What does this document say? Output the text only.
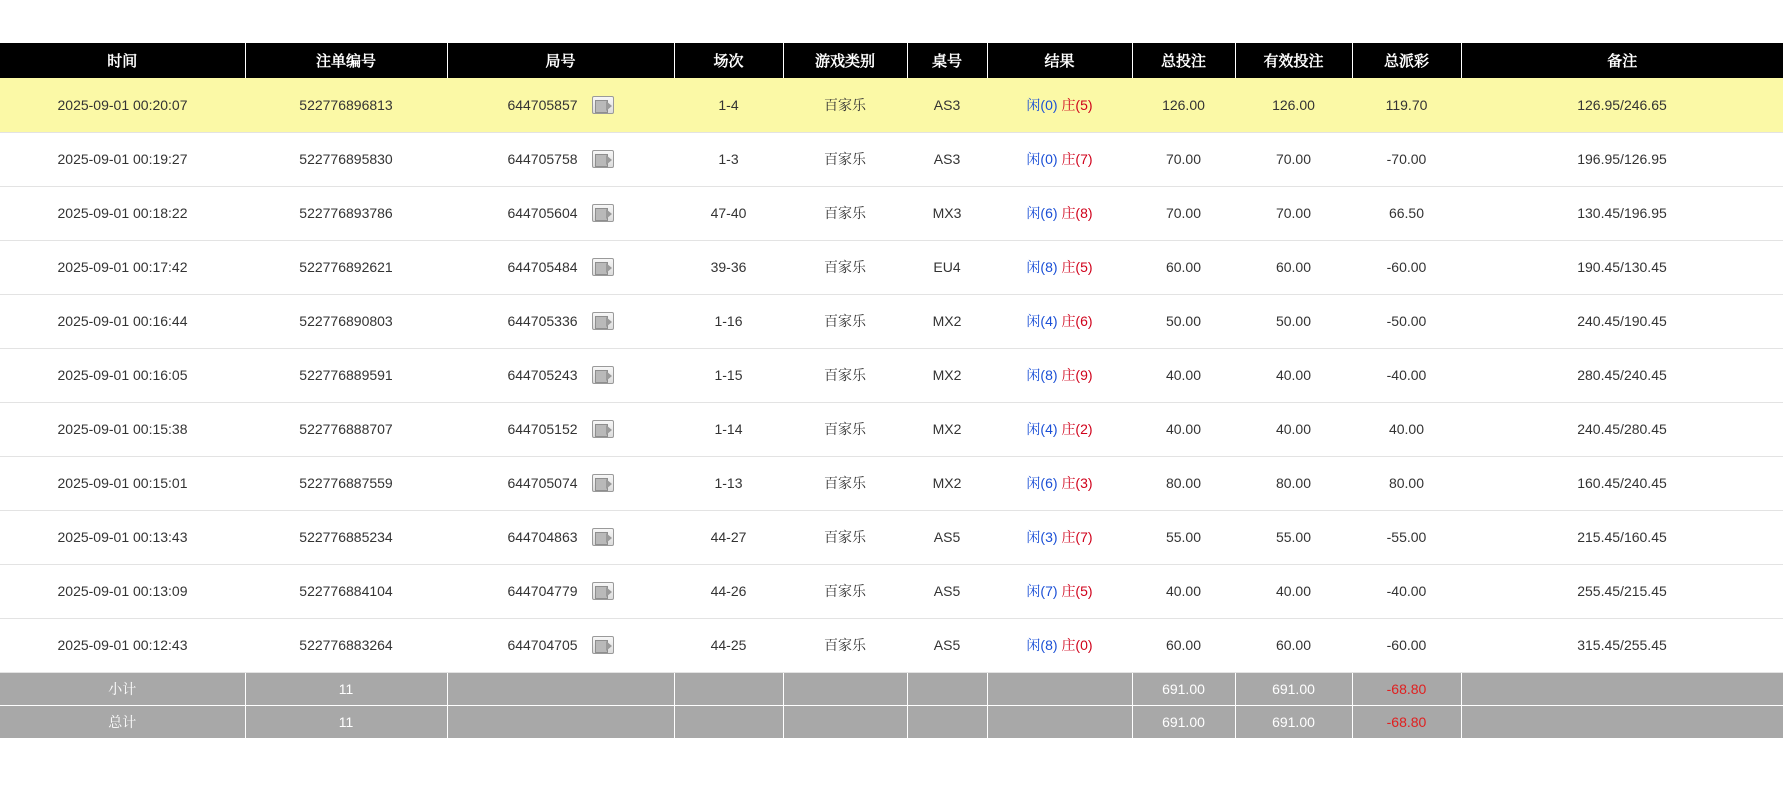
时间	注单编号	局号	场次	游戏类别	桌号	结果	总投注	有效投注	总派彩	备注
2025-09-01 00:20:07	522776896813	644705857	1-4	百家乐	AS3	闲(0) 庄(5)	126.00	126.00	119.70	126.95/246.65
2025-09-01 00:19:27	522776895830	644705758	1-3	百家乐	AS3	闲(0) 庄(7)	70.00	70.00	-70.00	196.95/126.95
2025-09-01 00:18:22	522776893786	644705604	47-40	百家乐	MX3	闲(6) 庄(8)	70.00	70.00	66.50	130.45/196.95
2025-09-01 00:17:42	522776892621	644705484	39-36	百家乐	EU4	闲(8) 庄(5)	60.00	60.00	-60.00	190.45/130.45
2025-09-01 00:16:44	522776890803	644705336	1-16	百家乐	MX2	闲(4) 庄(6)	50.00	50.00	-50.00	240.45/190.45
2025-09-01 00:16:05	522776889591	644705243	1-15	百家乐	MX2	闲(8) 庄(9)	40.00	40.00	-40.00	280.45/240.45
2025-09-01 00:15:38	522776888707	644705152	1-14	百家乐	MX2	闲(4) 庄(2)	40.00	40.00	40.00	240.45/280.45
2025-09-01 00:15:01	522776887559	644705074	1-13	百家乐	MX2	闲(6) 庄(3)	80.00	80.00	80.00	160.45/240.45
2025-09-01 00:13:43	522776885234	644704863	44-27	百家乐	AS5	闲(3) 庄(7)	55.00	55.00	-55.00	215.45/160.45
2025-09-01 00:13:09	522776884104	644704779	44-26	百家乐	AS5	闲(7) 庄(5)	40.00	40.00	-40.00	255.45/215.45
2025-09-01 00:12:43	522776883264	644704705	44-25	百家乐	AS5	闲(8) 庄(0)	60.00	60.00	-60.00	315.45/255.45
小计	11						691.00	691.00	-68.80	
总计	11						691.00	691.00	-68.80	
